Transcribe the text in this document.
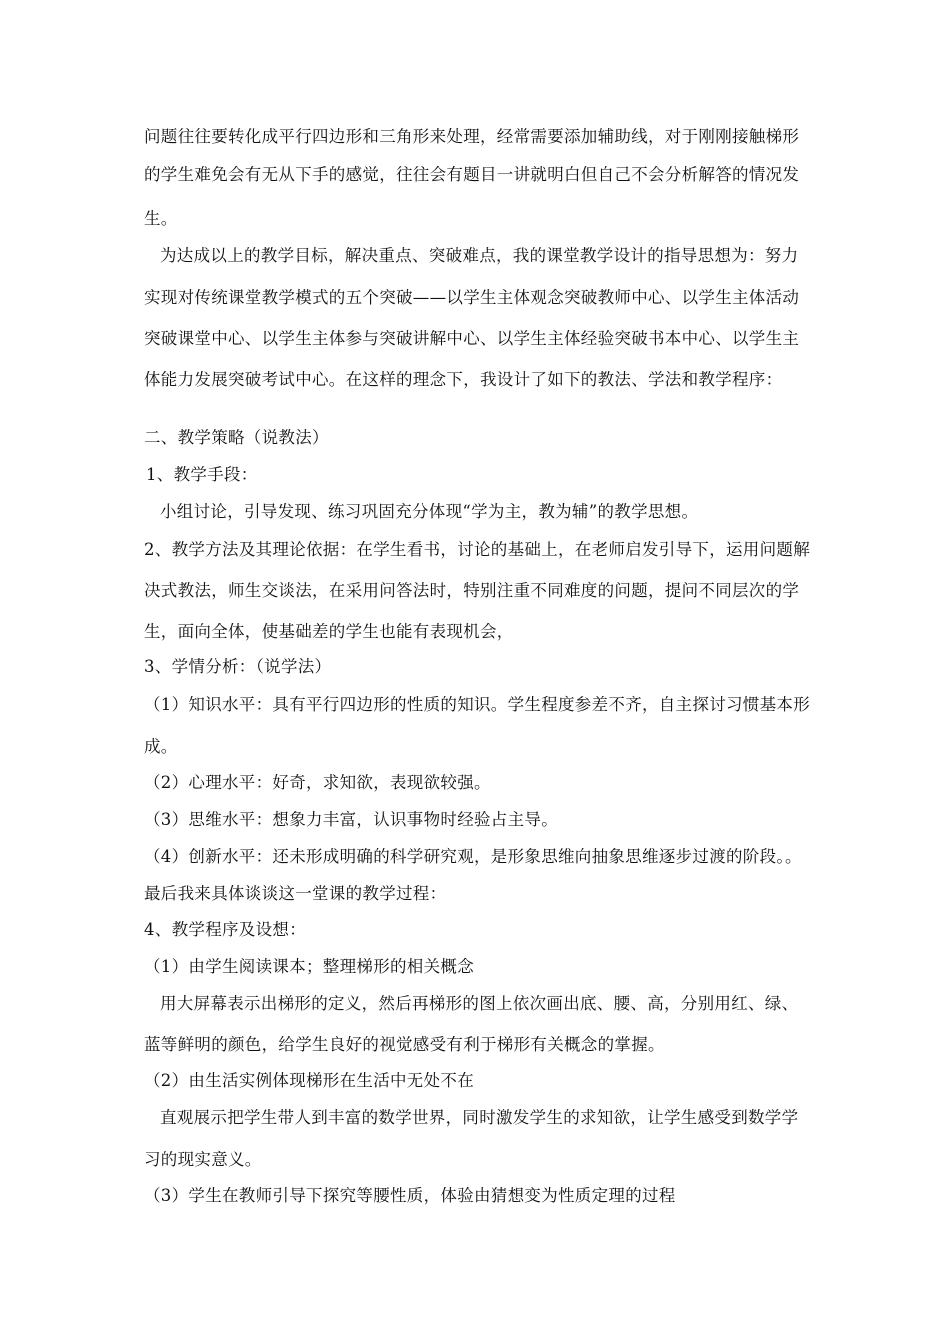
问题往往要转化成平行四边形和三角形来处理，经常需要添加辅助线，对于刚刚接触梯形
的学生难免会有无从下手的感觉，往往会有题目一讲就明白但自己不会分析解答的情况发
生。
为达成以上的教学目标，解决重点、突破难点，我的课堂教学设计的指导思想为：努力
实现对传统课堂教学模式的五个突破——以学生主体观念突破教师中心、以学生主体活动
突破课堂中心、以学生主体参与突破讲解中心、以学生主体经验突破书本中心、以学生主
体能力发展突破考试中心。在这样的理念下，我设计了如下的教法、学法和教学程序：
二、教学策略（说教法）
1、教学手段：
小组讨论，引导发现、练习巩固充分体现“学为主，教为辅”的教学思想。
2、教学方法及其理论依据：在学生看书，讨论的基础上，在老师启发引导下，运用问题解
决式教法，师生交谈法，在采用问答法时，特别注重不同难度的问题，提问不同层次的学
生，面向全体，使基础差的学生也能有表现机会，
3、学情分析：（说学法）
（1）知识水平：具有平行四边形的性质的知识。学生程度参差不齐，自主探讨习惯基本形
成。
（2）心理水平：好奇，求知欲，表现欲较强。
（3）思维水平：想象力丰富，认识事物时经验占主导。
（4）创新水平：还未形成明确的科学研究观，是形象思维向抽象思维逐步过渡的阶段。。
最后我来具体谈谈这一堂课的教学过程：
4、教学程序及设想：
（1）由学生阅读课本；整理梯形的相关概念
用大屏幕表示出梯形的定义，然后再梯形的图上依次画出底、腰、高，分别用红、绿、
蓝等鲜明的颜色，给学生良好的视觉感受有利于梯形有关概念的掌握。
（2）由生活实例体现梯形在生活中无处不在
直观展示把学生带人到丰富的数学世界，同时激发学生的求知欲，让学生感受到数学学
习的现实意义。
（3）学生在教师引导下探究等腰性质，体验由猜想变为性质定理的过程
